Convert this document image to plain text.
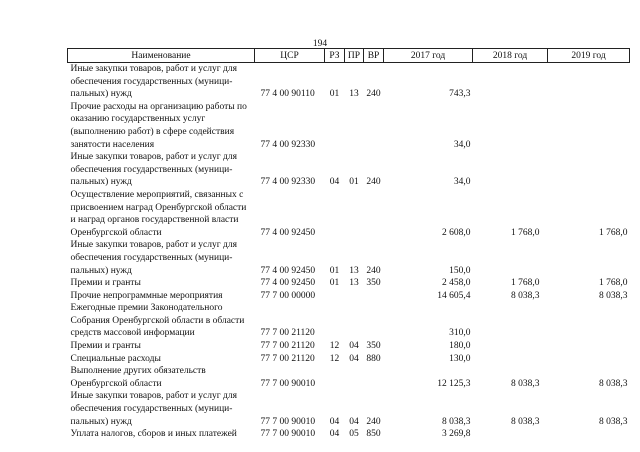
194
Наименование	ЦСР	РЗ	ПР	ВР	2017 год	2018 год	2019 год
Иные закупки товаров, работ и услуг для обеспечения государственных (муници-пальных) нужд	77 4 00 90110	01	13	240	743,3		
Прочие расходы на организацию работы по оказанию государственных услуг (выполнению работ) в сфере содействия занятости населения	77 4 00 92330				34,0		
Иные закупки товаров, работ и услуг для обеспечения государственных (муници-пальных) нужд	77 4 00 92330	04	01	240	34,0		
Осуществление мероприятий, связанных с присвоением наград Оренбургской области и наград органов государственной власти Оренбургской области	77 4 00 92450				2 608,0	1 768,0	1 768,0
Иные закупки товаров, работ и услуг для обеспечения государственных (муници-пальных) нужд	77 4 00 92450	01	13	240	150,0		
Премии и гранты	77 4 00 92450	01	13	350	2 458,0	1 768,0	1 768,0
Прочие непрограммные мероприятия	77 7 00 00000				14 605,4	8 038,3	8 038,3
Ежегодные премии Законодательного Собрания Оренбургской области в области средств массовой информации	77 7 00 21120				310,0		
Премии и гранты	77 7 00 21120	12	04	350	180,0		
Специальные расходы	77 7 00 21120	12	04	880	130,0		
Выполнение других обязательств Оренбургской области	77 7 00 90010				12 125,3	8 038,3	8 038,3
Иные закупки товаров, работ и услуг для обеспечения государственных (муници-пальных) нужд	77 7 00 90010	04	04	240	8 038,3	8 038,3	8 038,3
Уплата налогов, сборов и иных платежей	77 7 00 90010	04	05	850	3 269,8		
